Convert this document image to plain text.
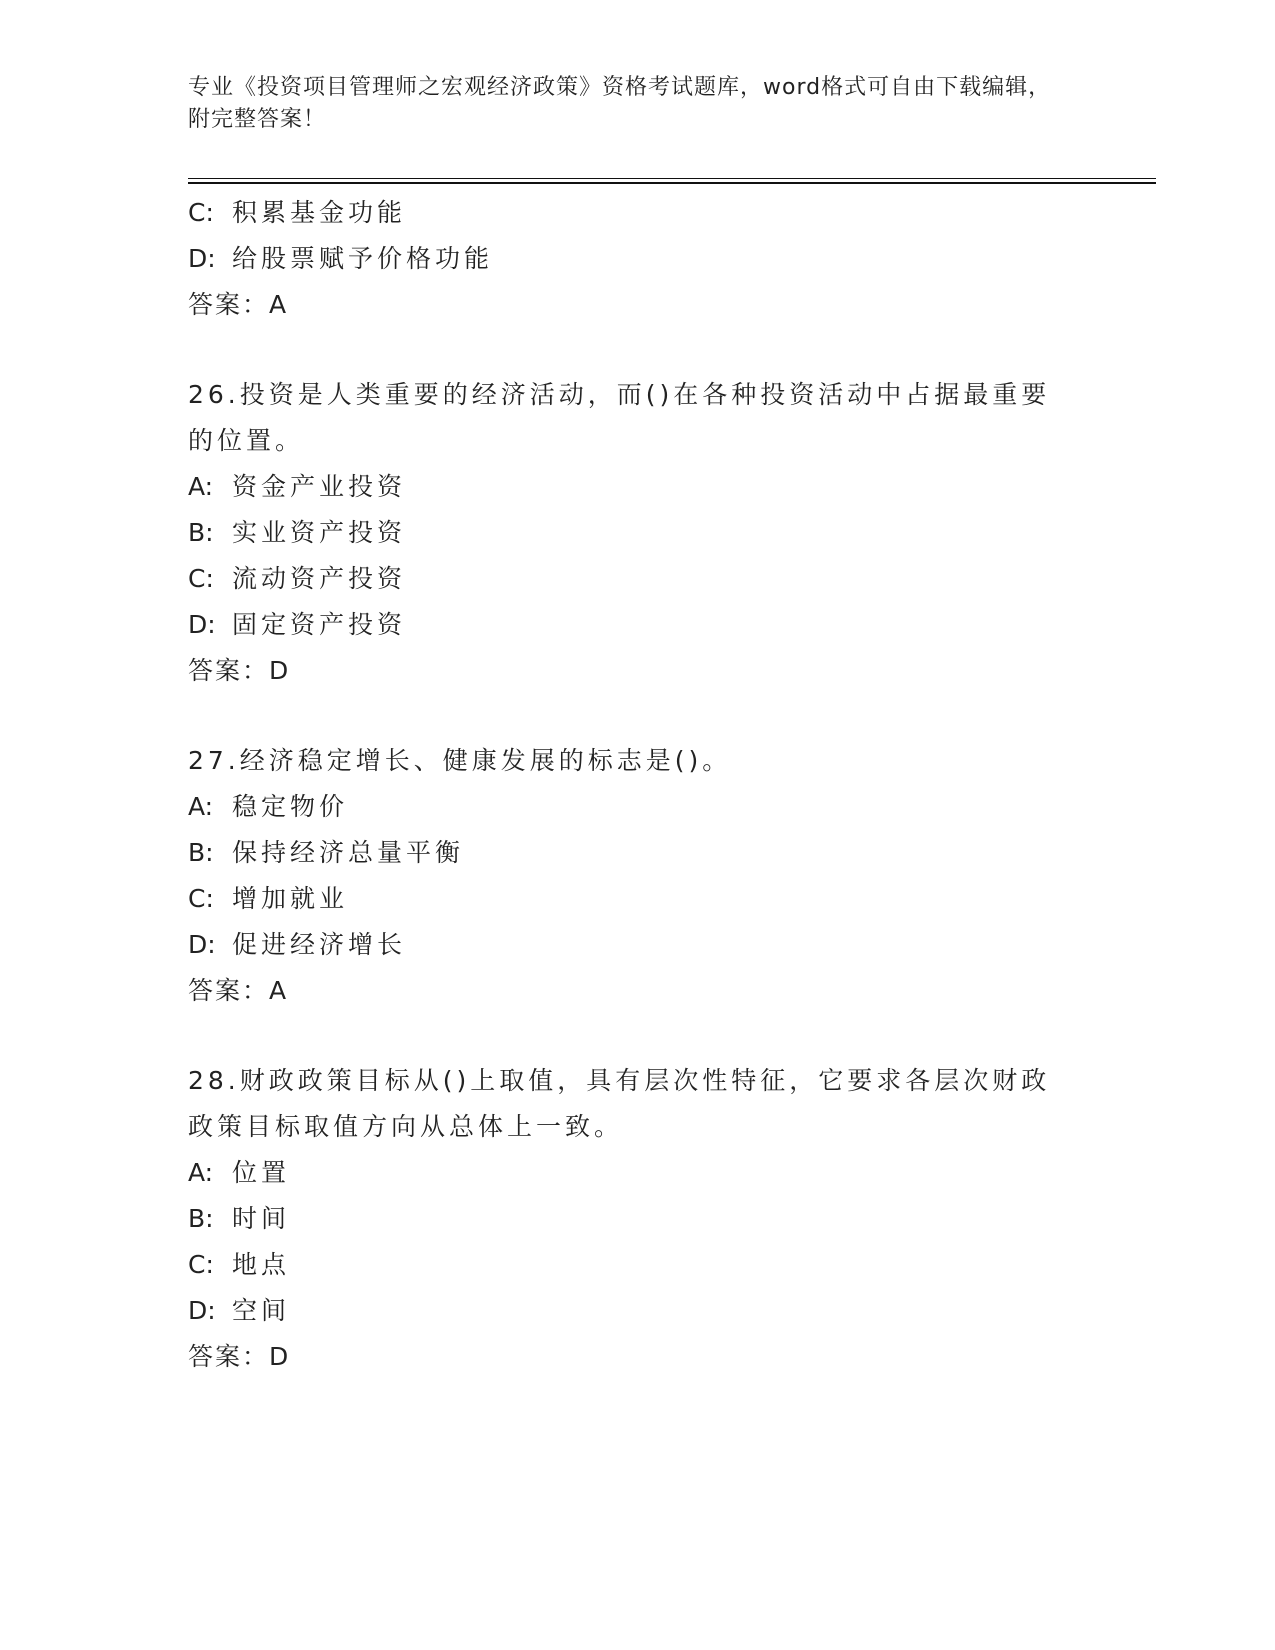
专业《投资项目管理师之宏观经济政策》资格考试题库，word格式可自由下载编辑，附完整答案！
C: 积累基金功能
D: 给股票赋予价格功能
答案：A
26.投资是人类重要的经济活动，而()在各种投资活动中占据最重要的位置。
A: 资金产业投资
B: 实业资产投资
C: 流动资产投资
D: 固定资产投资
答案：D
27.经济稳定增长、健康发展的标志是()。
A: 稳定物价
B: 保持经济总量平衡
C: 增加就业
D: 促进经济增长
答案：A
28.财政政策目标从()上取值，具有层次性特征，它要求各层次财政政策目标取值方向从总体上一致。
A: 位置
B: 时间
C: 地点
D: 空间
答案：D
